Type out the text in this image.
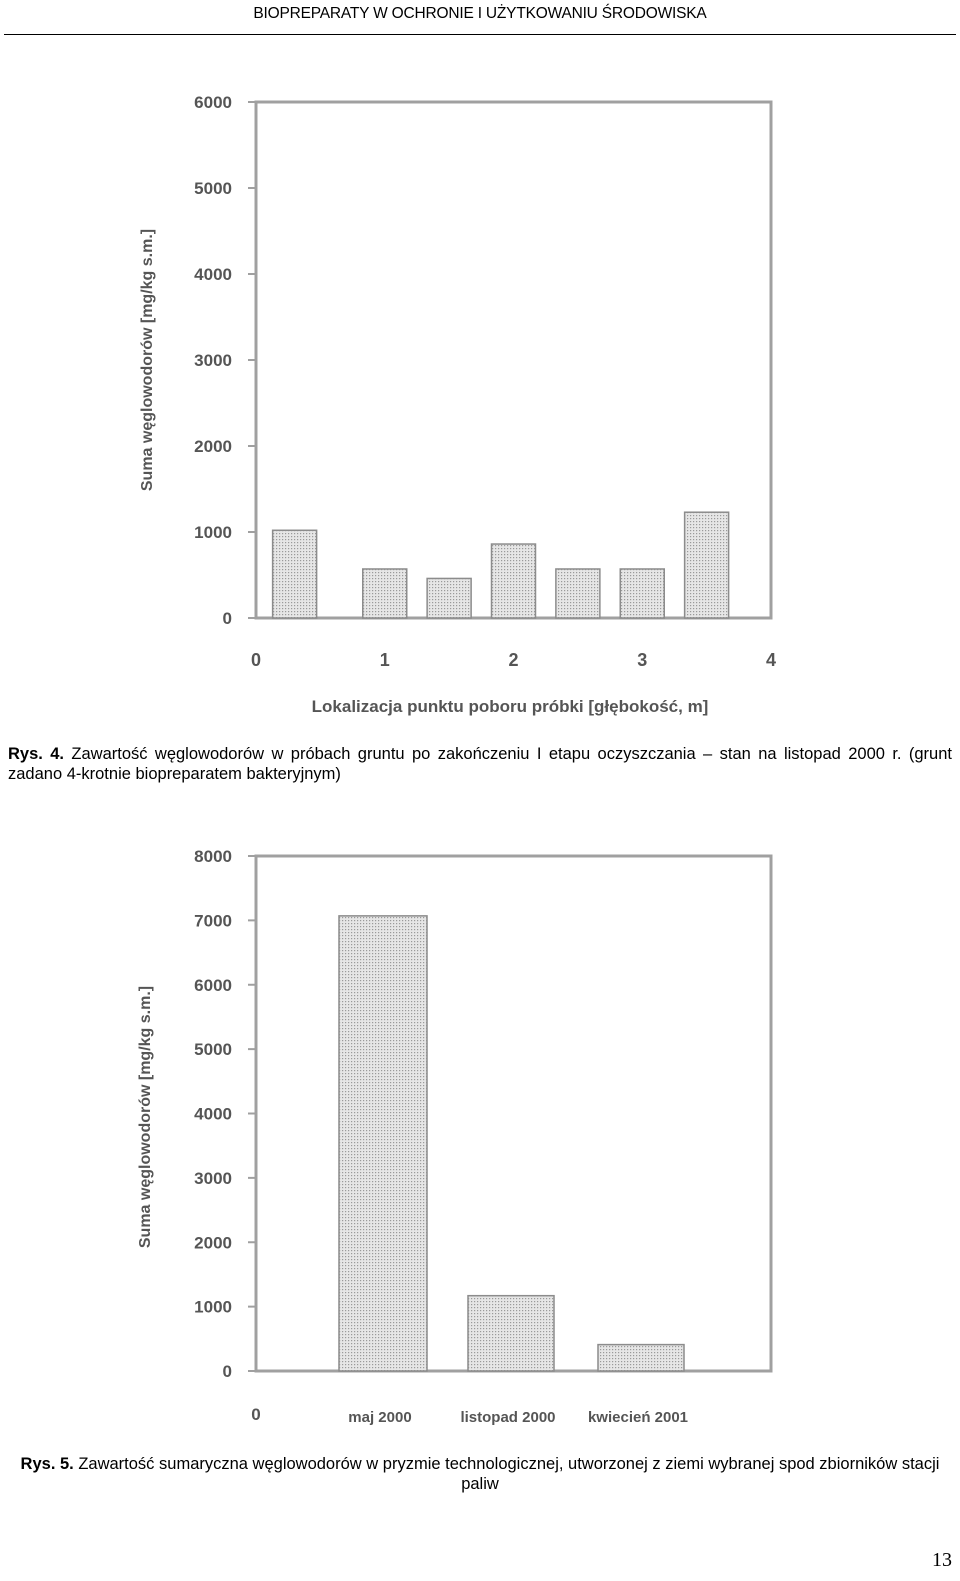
BIOPREPARATY W OCHRONIE I UŻYTKOWANIU ŚRODOWISKA
6000
5000
4000
3000
2000
1000
0
0	1	2	3	4
Lokalizacja punktu poboru próbki [głębokość, m]
Suma węglowodorów [mg/kg s.m.]
Rys. 4. Zawartość węglowodorów w próbach gruntu po zakończeniu I etapu oczyszczania – stan na listopad 2000 r. (grunt zadano 4-krotnie biopreparatem bakteryjnym)
8000
7000
6000
5000
4000
3000
2000
1000
0
0	maj 2000	listopad 2000 kwiecień 2001
Suma węglowodorów [mg/kg s.m.]
Rys. 5. Zawartość sumaryczna węglowodorów w pryzmie technologicznej, utworzonej z ziemi wybranej spod zbiorników stacji paliw
13
